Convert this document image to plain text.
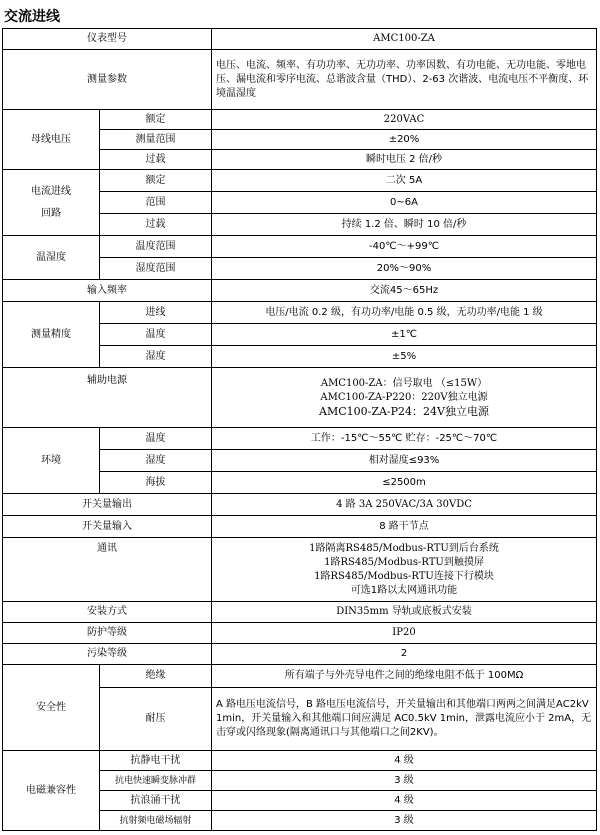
交流进线
仪表型号		AMC100-ZA
测量参数		电压、电流、频率、有功功率、无功功率、功率因数、有功电能、无功电能、零地电压、漏电流和零序电流、总谐波含量（THD）、2-63 次谐波、电流电压不平衡度、环境温湿度
母线电压	额定	220VAC
	测量范围	±20%
	过载	瞬时电压 2 倍/秒

电流进线
回路	额定	二次 5A
	范围	0~6A
	过载	持续 1.2 倍、瞬时 10 倍/秒
温湿度	温度范围	-40℃～+99℃
	湿度范围	20%～90%
输入频率		交流45～65Hz
测量精度	进线	电压/电流 0.2 级，有功功率/电能 0.5 级，无功功率/电能 1 级
	温度	±1℃
	湿度	±5%
辅助电源		AMC100-ZA：信号取电 （≤15W）
AMC100-ZA-P220：220V独立电源
AMC100-ZA-P24：24V独立电源

环境	温度	工作：-15℃～55℃ 贮存：-25℃～70℃
	湿度	相对湿度≤93%
	海拔	≤2500m
开关量输出		4 路 3A 250VAC/3A 30VDC
开关量输入		8 路干节点
通讯		1路隔离RS485/Modbus-RTU到后台系统
1路RS485/Modbus-RTU到触摸屏
1路RS485/Modbus-RTU连接下行模块
可选1路以太网通讯功能

安装方式		DIN35mm 导轨或底板式安装
防护等级		IP20
污染等级		2
安全性	绝缘	所有端子与外壳导电件之间的绝缘电阻不低于 100MΩ
	耐压	A 路电压电流信号，B 路电压电流信号，开关量输出和其他端口两两之间满足AC2kV 1min，开关量输入和其他端口间应满足 AC0.5kV 1min，泄露电流应小于 2mA，无击穿或闪络现象(隔离通讯口与其他端口之间2KV)。
电磁兼容性	抗静电干扰	4 级
	抗电快速瞬变脉冲群	3 级
	抗浪涌干扰	4 级
	抗射频电磁场辐射	3 级
